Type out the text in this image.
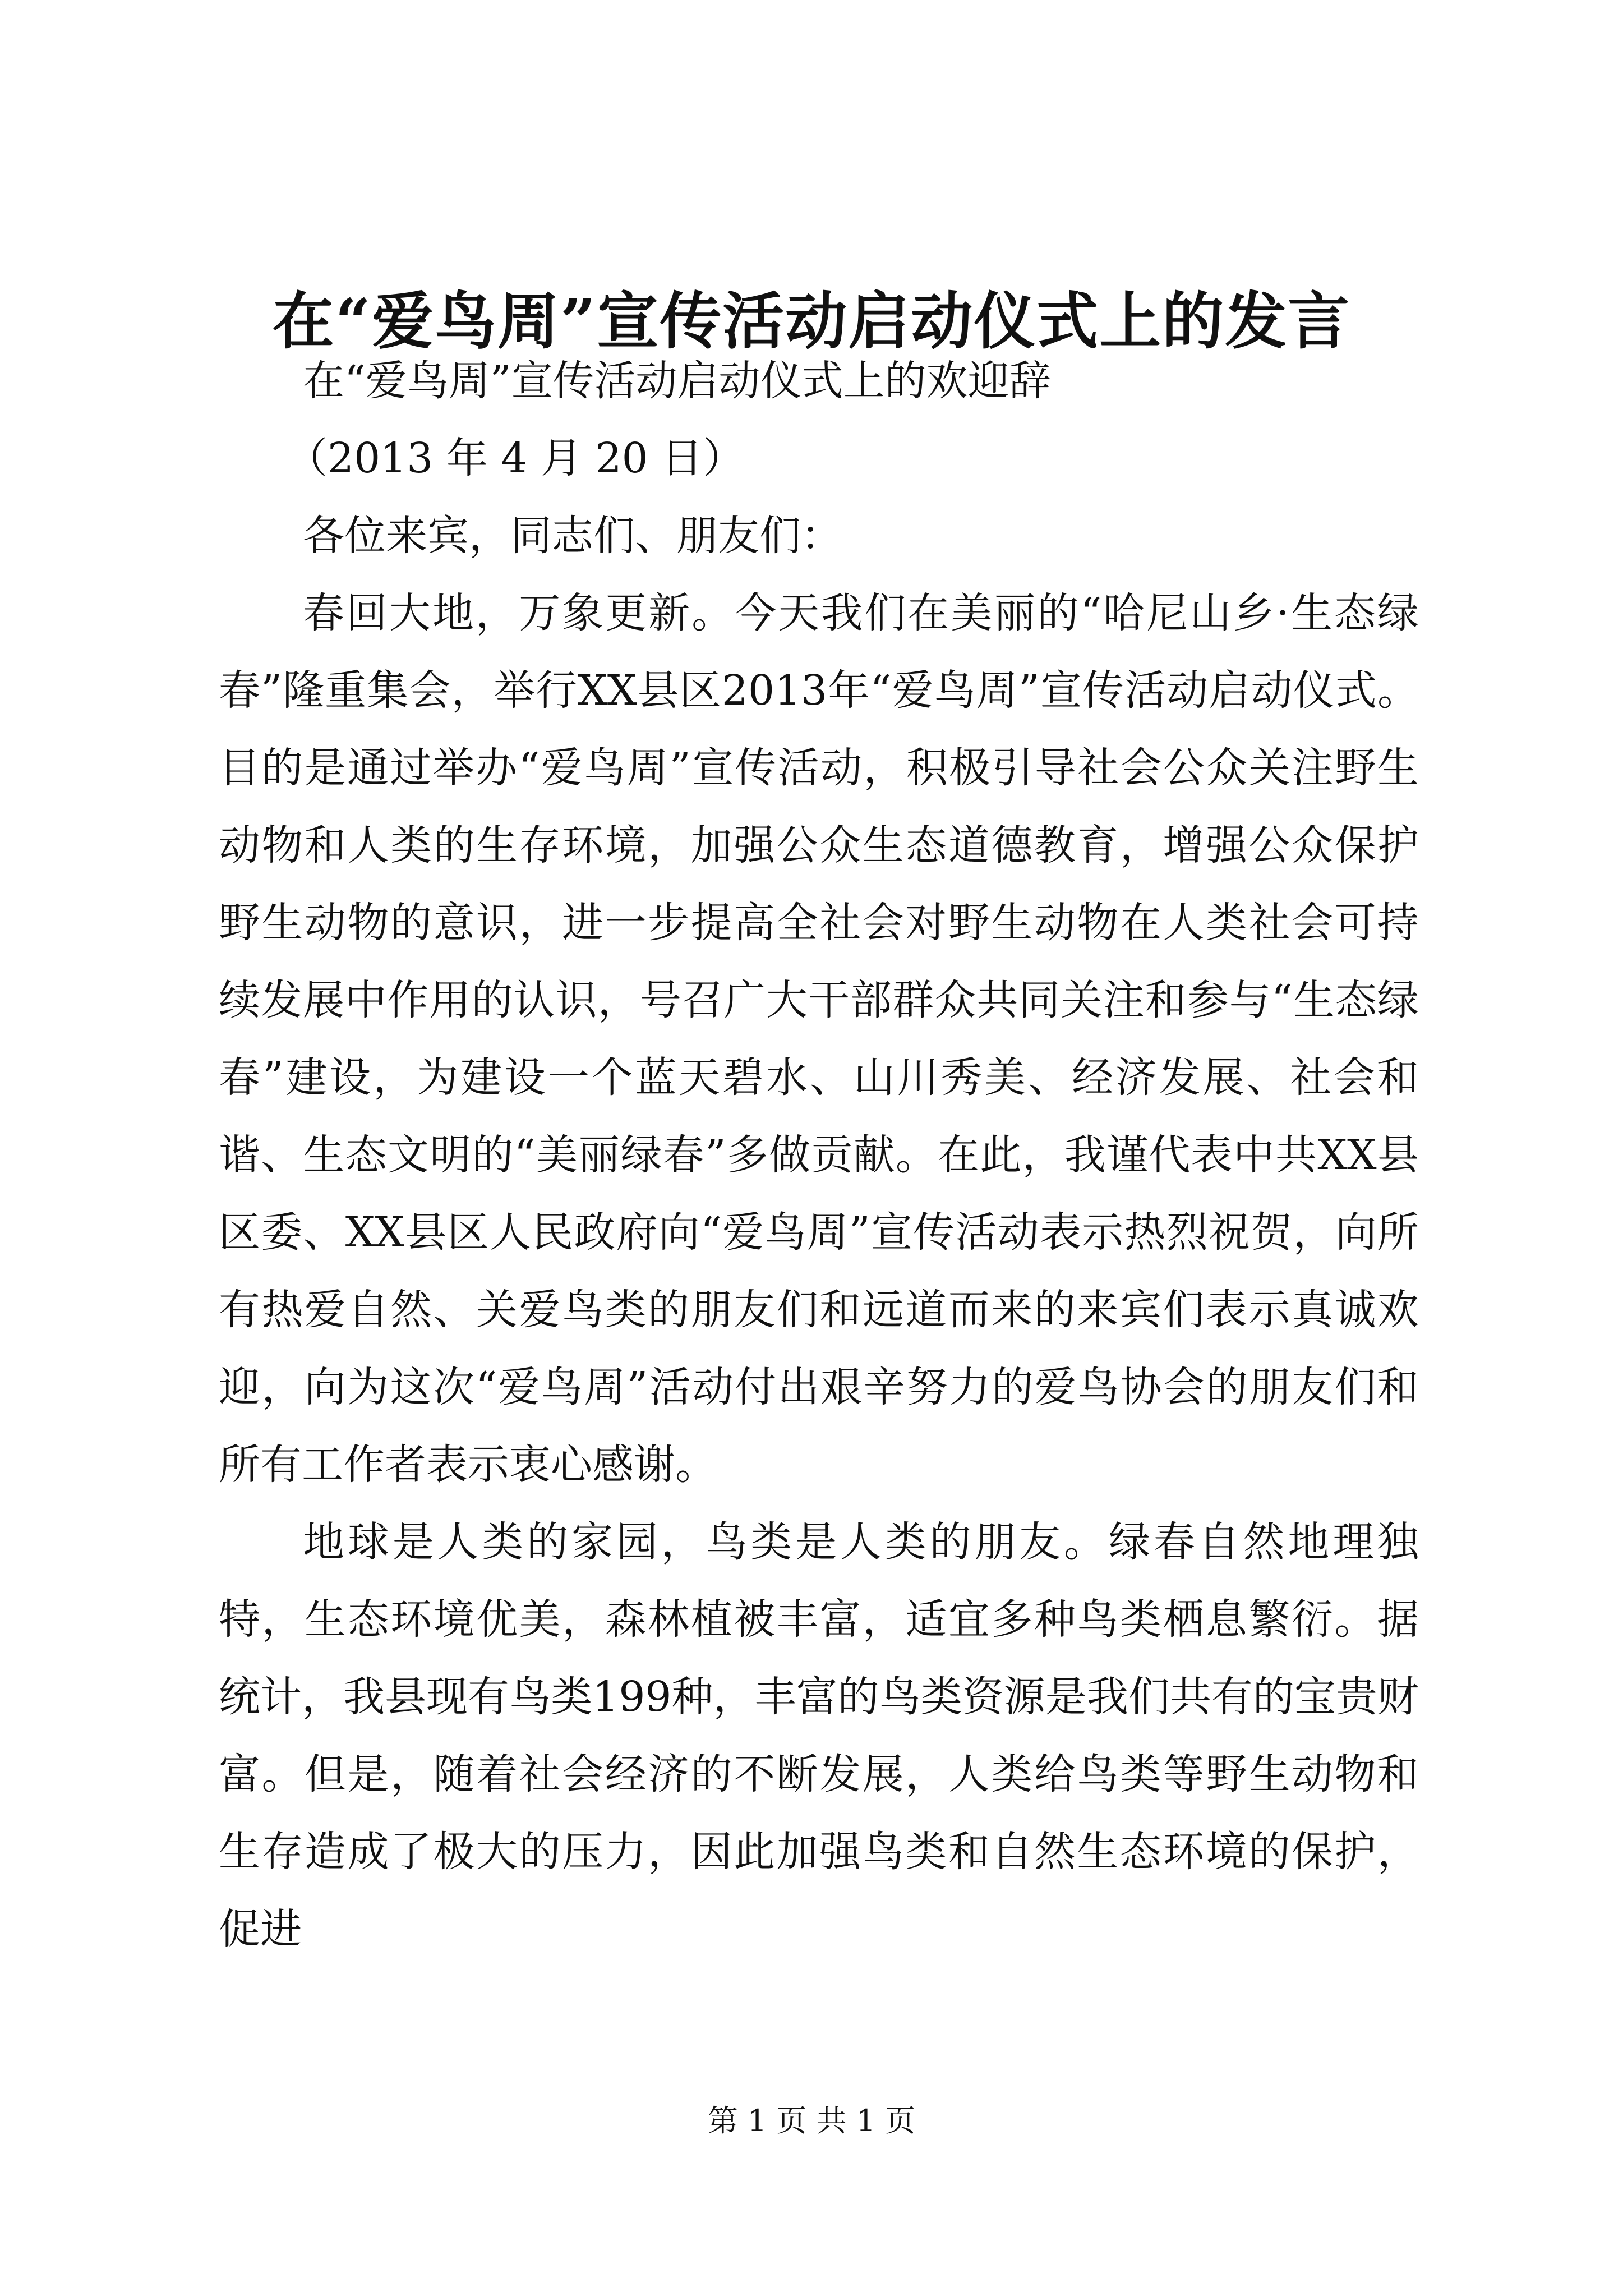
在“爱鸟周”宣传活动启动仪式上的发言

在“爱鸟周”宣传活动启动仪式上的欢迎辞

（2013 年 4 月 20 日）

各位来宾，同志们、朋友们：

春回大地，万象更新。今天我们在美丽的“哈尼山乡·生态绿春”隆重集会，举行XX县区2013年“爱鸟周”宣传活动启动仪式。目的是通过举办“爱鸟周”宣传活动，积极引导社会公众关注野生动物和人类的生存环境，加强公众生态道德教育，增强公众保护野生动物的意识，进一步提高全社会对野生动物在人类社会可持续发展中作用的认识，号召广大干部群众共同关注和参与“生态绿春”建设，为建设一个蓝天碧水、山川秀美、经济发展、社会和谐、生态文明的“美丽绿春”多做贡献。在此，我谨代表中共XX县区委、XX县区人民政府向“爱鸟周”宣传活动表示热烈祝贺，向所有热爱自然、关爱鸟类的朋友们和远道而来的来宾们表示真诚欢迎，向为这次“爱鸟周”活动付出艰辛努力的爱鸟协会的朋友们和所有工作者表示衷心感谢。

地球是人类的家园，鸟类是人类的朋友。绿春自然地理独特，生态环境优美，森林植被丰富，适宜多种鸟类栖息繁衍。据统计，我县现有鸟类199种，丰富的鸟类资源是我们共有的宝贵财富。但是，随着社会经济的不断发展，人类给鸟类等野生动物和生存造成了极大的压力，因此加强鸟类和自然生态环境的保护，促进

第 1 页 共 1 页
